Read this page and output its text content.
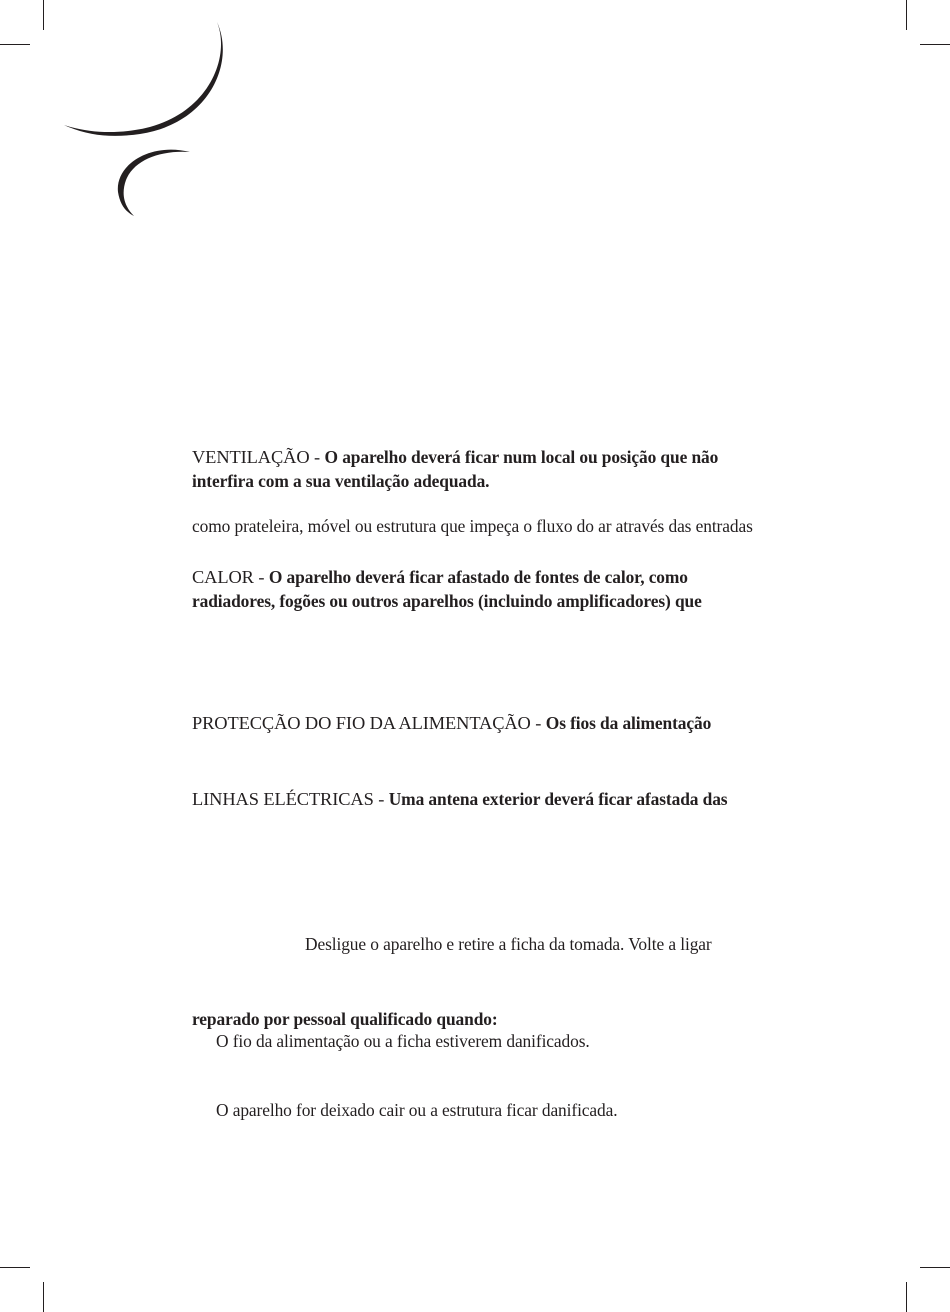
VENTILAÇÃO - O aparelho deverá ficar num local ou posição que não
interfira com a sua ventilação adequada.
como prateleira, móvel ou estrutura que impeça o fluxo do ar através das entradas
CALOR - O aparelho deverá ficar afastado de fontes de calor, como
radiadores, fogões ou outros aparelhos (incluindo amplificadores) que
PROTECÇÃO DO FIO DA ALIMENTAÇÃO - Os fios da alimentação
LINHAS ELÉCTRICAS - Uma antena exterior deverá ficar afastada das
Desligue o aparelho e retire a ficha da tomada. Volte a ligar
reparado por pessoal qualificado quando:
O fio da alimentação ou a ficha estiverem danificados.
O aparelho for deixado cair ou a estrutura ficar danificada.
